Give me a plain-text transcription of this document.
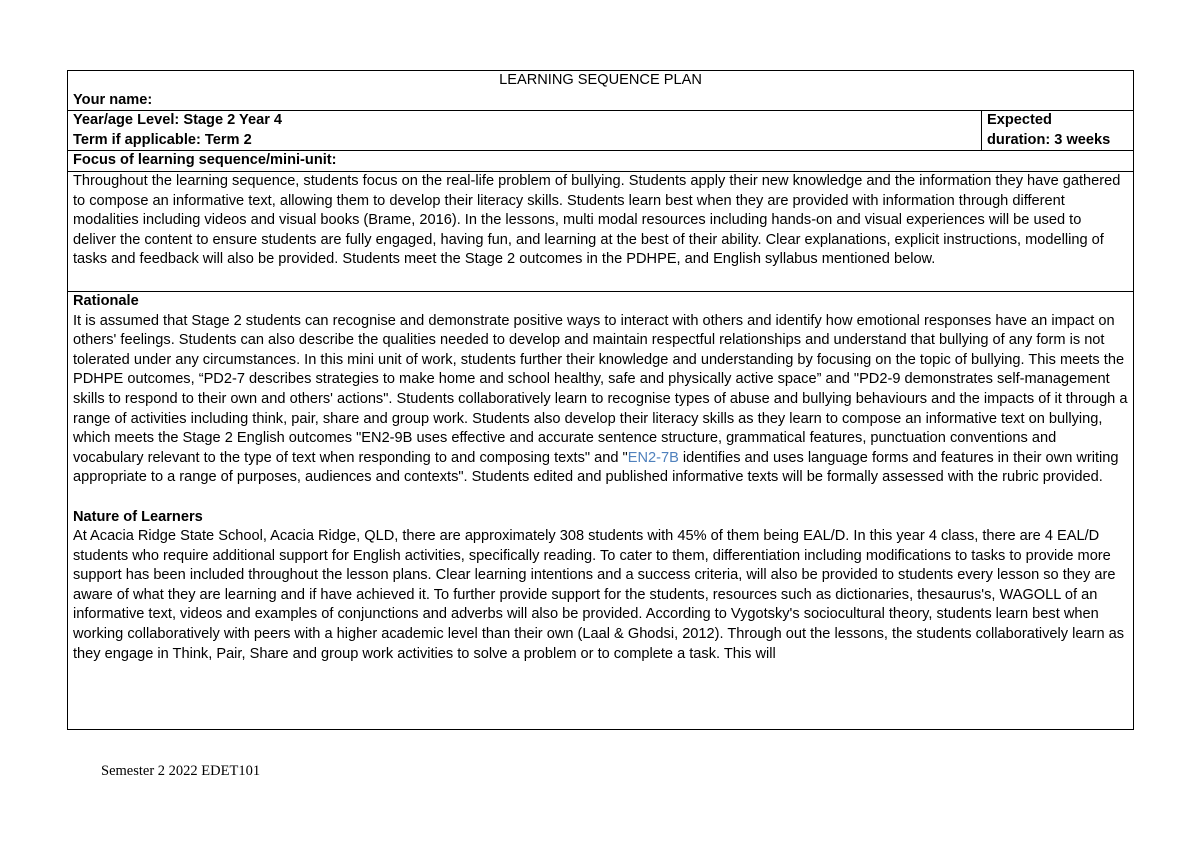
LEARNING SEQUENCE PLAN
Your name:

Year/age Level: Stage 2 Year 4
Term if applicable: Term 2

Expected
duration: 3 weeks

Focus of learning sequence/mini-unit:

Throughout the learning sequence, students focus on the real-life problem of bullying. Students apply their new knowledge and the information they have gathered to compose an informative text, allowing them to develop their literacy skills. Students learn best when they are provided with information through different modalities including videos and visual books (Brame, 2016). In the lessons, multi modal resources including hands-on and visual experiences will be used to deliver the content to ensure students are fully engaged, having fun, and learning at the best of their ability. Clear explanations, explicit instructions, modelling of tasks and feedback will also be provided. Students meet the Stage 2 outcomes in the PDHPE, and English syllabus mentioned below.

Rationale

It is assumed that Stage 2 students can recognise and demonstrate positive ways to interact with others and identify how emotional responses have an impact on others' feelings. Students can also describe the qualities needed to develop and maintain respectful relationships and understand that bullying of any form is not tolerated under any circumstances. In this mini unit of work, students further their knowledge and understanding by focusing on the topic of bullying. This meets the PDHPE outcomes, “PD2-7 describes strategies to make home and school healthy, safe and physically active space” and "PD2-9 demonstrates self-management skills to respond to their own and others' actions". Students collaboratively learn to recognise types of abuse and bullying behaviours and the impacts of it through a range of activities including think, pair, share and group work. Students also develop their literacy skills as they learn to compose an informative text on bullying, which meets the Stage 2 English outcomes "EN2-9B uses effective and accurate sentence structure, grammatical features, punctuation conventions and vocabulary relevant to the type of text when responding to and composing texts" and "EN2-7B identifies and uses language forms and features in their own writing appropriate to a range of purposes, audiences and contexts". Students edited and published informative texts will be formally assessed with the rubric provided.

Nature of Learners

At Acacia Ridge State School, Acacia Ridge, QLD, there are approximately 308 students with 45% of them being EAL/D. In this year 4 class, there are 4 EAL/D students who require additional support for English activities, specifically reading. To cater to them, differentiation including modifications to tasks to provide more support has been included throughout the lesson plans. Clear learning intentions and a success criteria, will also be provided to students every lesson so they are aware of what they are learning and if have achieved it. To further provide support for the students, resources such as dictionaries, thesaurus's, WAGOLL of an informative text, videos and examples of conjunctions and adverbs will also be provided. According to Vygotsky's sociocultural theory, students learn best when working collaboratively with peers with a higher academic level than their own (Laal & Ghodsi, 2012). Through out the lessons, the students collaboratively learn as they engage in Think, Pair, Share and group work activities to solve a problem or to complete a task. This will

Semester 2 2022 EDET101
